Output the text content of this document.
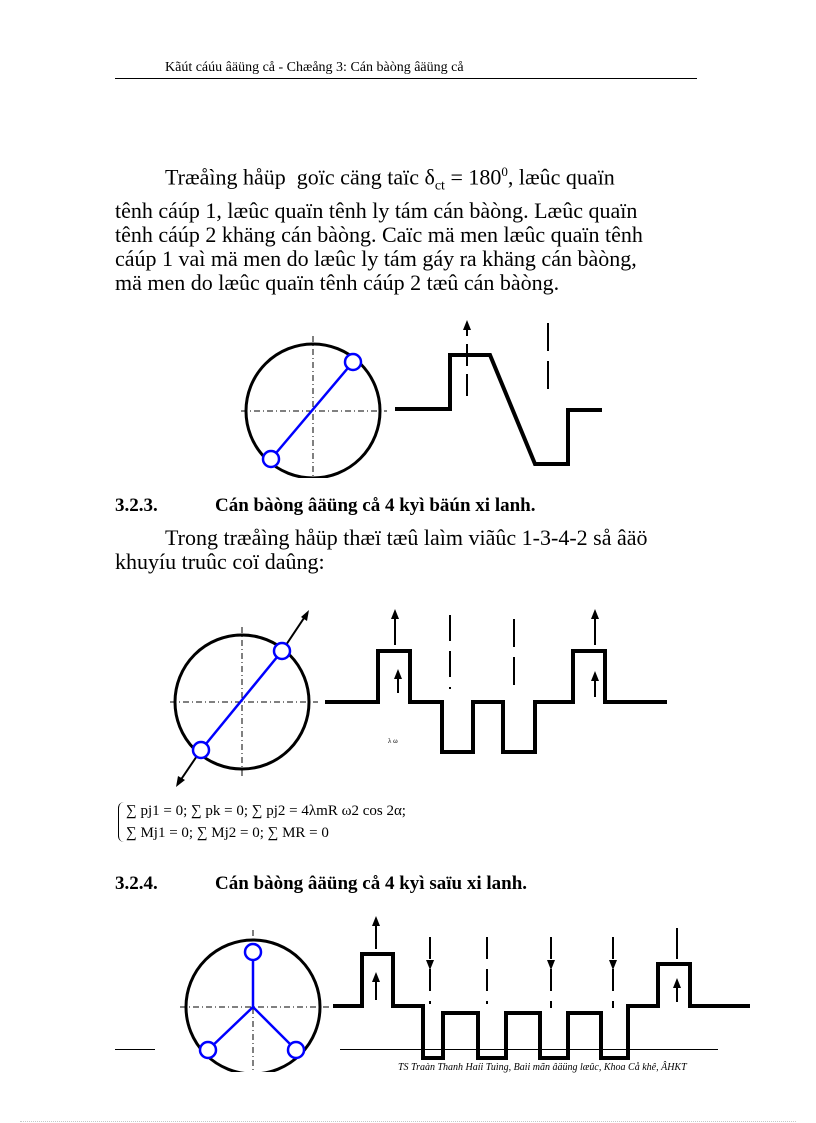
Kãút cáúu âäüng cå - Chæång 3: Cán bàòng âäüng cå
Træåìng håüp  goïc cäng taïc $\delta_{ct} = 180^0$, læûc quaïn
tênh cáúp 1, læûc quaïn tênh ly tám cán bàòng. Læûc quaïn
tênh cáúp 2 khäng cán bàòng. Caïc mä men læûc quaïn tênh
cáúp 1 vaì mä men do læûc ly tám gáy ra khäng cán bàòng,
mä men do læûc quaïn tênh cáúp 2 tæû cán bàòng.
3.2.3.	Cán bàòng âäüng cå 4 kyì bäún xi lanh.
Trong træåìng håüp thæï tæû laìm viãûc 1-3-4-2 så âäö
khuyíu truûc coï daûng:
λ ω
∑ pj1 = 0; ∑ pk = 0; ∑ pj2 = 4λmR ω2 cos 2α;
∑ Mj1 = 0; ∑ Mj2 = 0; ∑ MR = 0
3.2.4.	Cán bàòng âäüng cå 4 kyì saïu xi lanh.
TS Traàn Thanh Haíi Tuìng, Baìi mãn âäüng læûc, Khoa Cå khê, ÂHKT
